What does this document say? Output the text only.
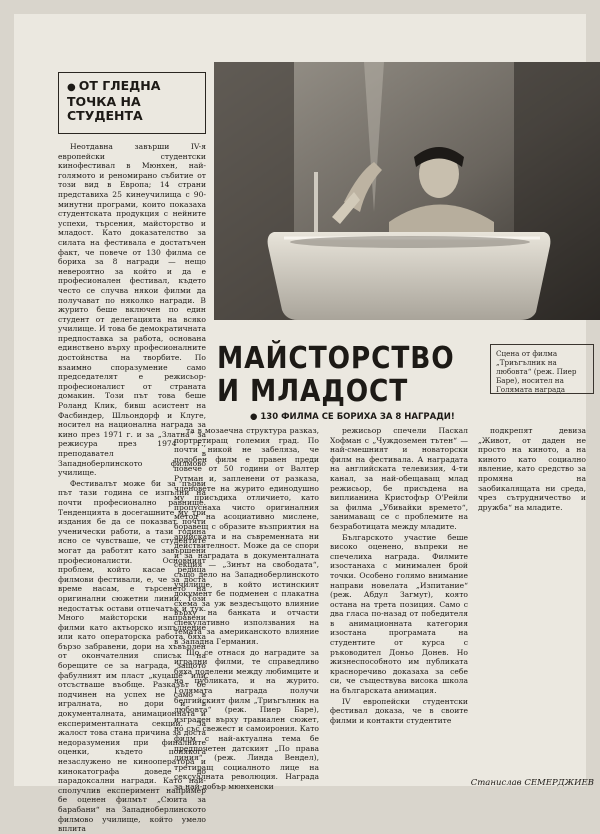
● ОТ ГЛЕДНА
ТОЧКА НА
СТУДЕНТА

Неотдавна завърши IV-я европейски студентски кинофестивал в Мюнхен, най-голямото и реномирано събитие от този вид в Европа; 14 страни представиха 25 кинеучилища с 90-минутни програми, които показаха студентската продукция с нейните успехи, търсения, майсторство и младост. Като доказателство за силата на фестивала е достатъчен факт, че повече от 130 филма се бориха за 8 награди — нещо невероятно за който и да е професионален фестивал, където често се случва някои филми да получават по няколко награди. В журито беше включен по един студент от делегацията на всяко училище. И това бе демократичната предпоставка за работа, основана единствено върху професионалните достойнства на творбите. По взаимно споразумение само председателят е режисьор-професионалист от страната домакин. Този път това беше Роланд Клик, бивш асистент на Фасбиндер, Шльондорф и Клуге, носител на национална награда за кино през 1971 г. и за „Златна“ за режисура през 1974 г., преподавател в Западноберлинското филмово училище.

Фестивалът може би за първи път тази година се изпълни на почти професионално равнище. Тенденцията в досегашните му три издания бе да се показват почти ученически работи, а тази година ясно се чувстваше, че студентите могат да работят като завършени професионалисти. Основният проблем, който касае редица филмови фестивали, е, че за доста време насам, е търсенето на оригинални сюжетни линии. Този недостатък остави отпечатък и тук. Много майсторски направени филми като актьорско изпълнение или като операторска работа бяха бързо забравени, дори на хъвърлен от окончателния списък на борещите се за награда, защото фабулният им пласт „куцаше“ или отсъстваше въобще. Разказът бе подчинен на успех не само в игралната, но дори и в документалната, анимационната и експерименталната секции. За жалост това стана причина за доста недоразумения при финалните оценки, където понякога незаслужено не кинооператора и кинокатографа доведе до парадоксални награди. Като най-сполучлив експеримент например бе оценен филмът „Сюита за барабани“ на Западноберлинското филмово училище, който умело вплита

МАЙСТОРСТВО
И МЛАДОСТ
Сцена от филма „Триъгълник на любовта“ (реж. Пиер Баре), носител на Голямата награда
● 130 ФИЛМА СЕ БОРИХА ЗА 8 НАГРАДИ!

та в мозаечна структура разказ, портретиращ големия град. По почти никой не забеляза, че подобен филм е правен преди повече от 50 години от Валтер Рутман и, запленени от разказа, членовете на журито единодушно му присъдиха отличието, като пропуснаха чисто оригиналния метод на асоциативно мислене, боравещ с образите възприятия на арийската и на съвременната ни действителност. Може да се спори и за наградата в документалната секция — „Зинът на свободата“, също дело на Западноберлинското училище, в който истинският документ бе подменен с плакатна схема за уж вездесъщото влияние върху на банката и отчасти спекулативно използвания на темата за американското влияние в Западна Германия.

Що се отнася до наградите за игрални филми, те справедливо бяха поделени между любимците и на публиката, и на журито. Голямата награда получи белгийският филм „Триъгълник на любовта“ (реж. Пиер Баре), изграден върху травиален сюжет, но със свежест и самоирония. Като филм с най-актуална тема бе предпочетен датският „По права линия“ (реж. Линда Вендел), третиращ социалното лице на сексуалната революция. Награда за най-добър мюнхенски

режисьор спечели Паскал Хофман с „Чуждоземен тътен“ — най-смешният и новаторски филм на фестивала. А наградата на английската телевизия, 4-ти канал, за най-обещаващ млад режисьор, бе присъдена на виплианина Кристофър О'Рейли за филма „Убивайки времето“, занимаващ се с проблемите на безработицата между младите.

Българското участие беше високо оценено, въпреки не спечелиха награда. Филмите изостанаха с минимален брой точки. Особено голямо внимание направи новелата „Изпитание“ (реж. Абдул Загмут), която остана на трета позиция. Само с два гласа по-назад от победителя в анимационната категория изостана програмата на студентите от курса с ръководител Доньо Донев. Но жизнеспособното им публиката красноречиво доказаха за себе си, че съществува висока школа на българската анимация.

IV европейски студентски фестивал доказа, че в своите филми и контакти студентите

подкрепят девиза „Живот, от даден не просто на киното, а на киното като социално явление, като средство за промяна на заобикалящата ни среда, чрез сътрудничество и дружба“ на младите.

Станислав СЕМЕРДЖИЕВ
